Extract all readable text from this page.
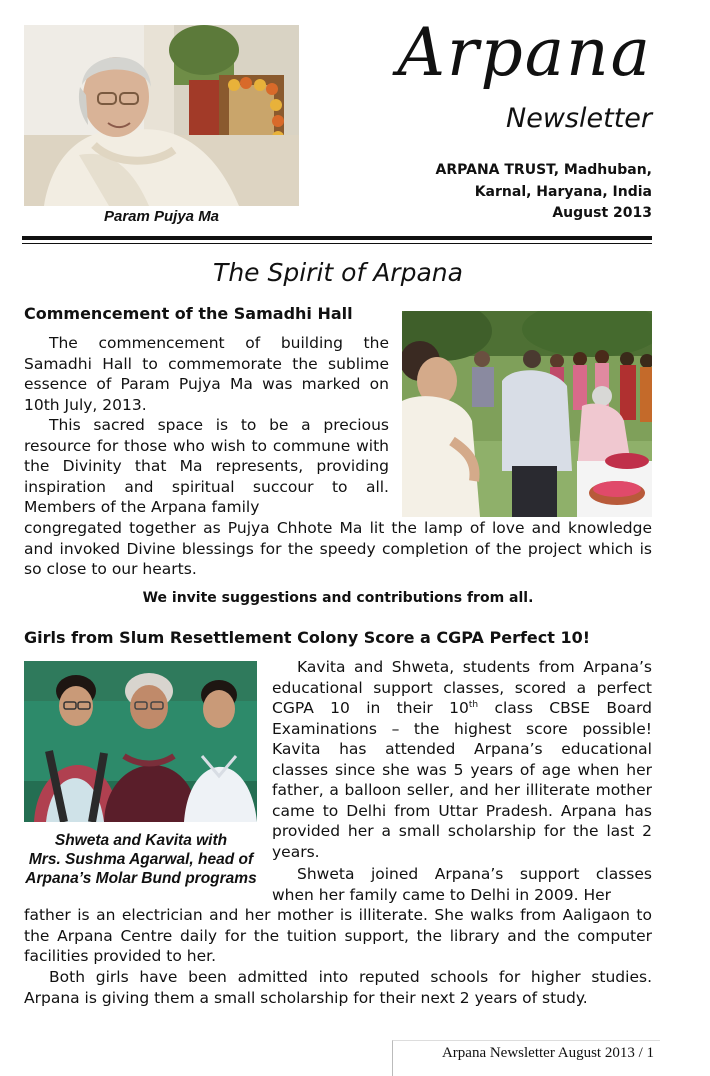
Param Pujya Ma
Arpana
Newsletter
ARPANA TRUST, Madhuban,
Karnal, Haryana, India
August 2013
The Spirit of Arpana
Commencement of the Samadhi Hall
The commencement of building the Samadhi Hall to commemorate the sublime essence of Param Pujya Ma was marked on 10th July, 2013.
This sacred space is to be a precious resource for those who wish to commune with the Divinity that Ma represents, providing inspiration and spiritual succour to all. Members of the Arpana family
congregated together as Pujya Chhote Ma lit the lamp of love and knowledge and invoked Divine blessings for the speedy completion of the project which is so close to our hearts.
We invite suggestions and contributions from all.
Girls from Slum Resettlement Colony Score a CGPA Perfect 10!
Kavita and Shweta, students from Arpana’s educational support classes, scored a perfect CGPA 10 in their 10th class CBSE Board Examinations – the highest score possible! Kavita has attended Arpana’s educational classes since she was 5 years of age when her father, a balloon seller, and her illiterate mother came to Delhi from Uttar Pradesh. Arpana has provided her a small scholarship for the last 2 years.
Shweta and Kavita with
Mrs. Sushma Agarwal, head of
Arpana’s Molar Bund programs	Shweta joined Arpana’s support classes when her family came to Delhi in 2009. Her
father is an electrician and her mother is illiterate. She walks from Aaligaon to the Arpana Centre daily for the tuition support, the library and the computer facilities provided to her.
Both girls have been admitted into reputed schools for higher studies. Arpana is giving them a small scholarship for their next 2 years of study.
Arpana Newsletter August 2013 / 1
